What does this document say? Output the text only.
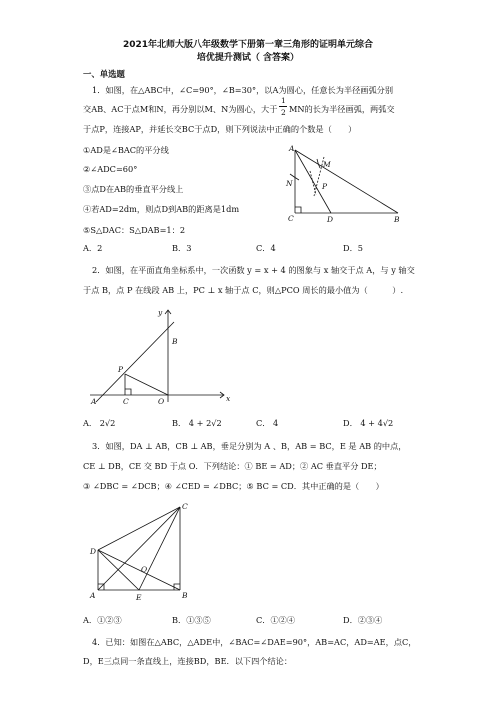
2021年北师大版八年级数学下册第一章三角形的证明单元综合
培优提升测试（ 含答案）
一、单选题
1．如图，在△ABC中，∠C=90°，∠B=30°，以A为圆心，任意长为半径画弧分别
交AB、AC于点M和N，再分别以M、N为圆心，大于
1
2 MN的长为半径画弧，两弧交
于点P，连接AP，并延长交BC于点D，则下列说法中正确的个数是（　　）
①AD是∠BAC的平分线
②∠ADC=60°
③点D在AB的垂直平分线上
④若AD=2dm，则点D到AB的距离是1dm
⑤S△DAC：S△DAB=1：2
A．2	B．3	C．4	D．5
A
M
N	P
C	D	B
2．如图，在平面直角坐标系中，一次函数 y = x + 4 的图象与 x 轴交于点 A，与 y 轴交
于点 B，点 P 在线段 AB 上，PC ⊥ x 轴于点 C，则△PCO 周长的最小值为（　　　）.
y
x
B
P
A	C	O
A． 2√2	B． 4 + 2√2	C． 4	D． 4 + 4√2
3．如图，DA ⊥ AB，CB ⊥ AB，垂足分别为 A 、B，AB = BC，E 是 AB 的中点，
CE ⊥ DB，CE 交 BD 于点 O．下列结论：① BE = AD；② AC 垂直平分 DE；
③ ∠DBC = ∠DCB；④ ∠CED = ∠DBC；⑤ BC = CD．其中正确的是（　　）
C
D
O
A	E	B
A．①②③	B．①③⑤	C．①②④	D．②③④
4．已知：如图在△ABC，△ADE中，∠BAC=∠DAE=90°，AB=AC，AD=AE，点C，
D，E三点同一条直线上，连接BD，BE．以下四个结论：
